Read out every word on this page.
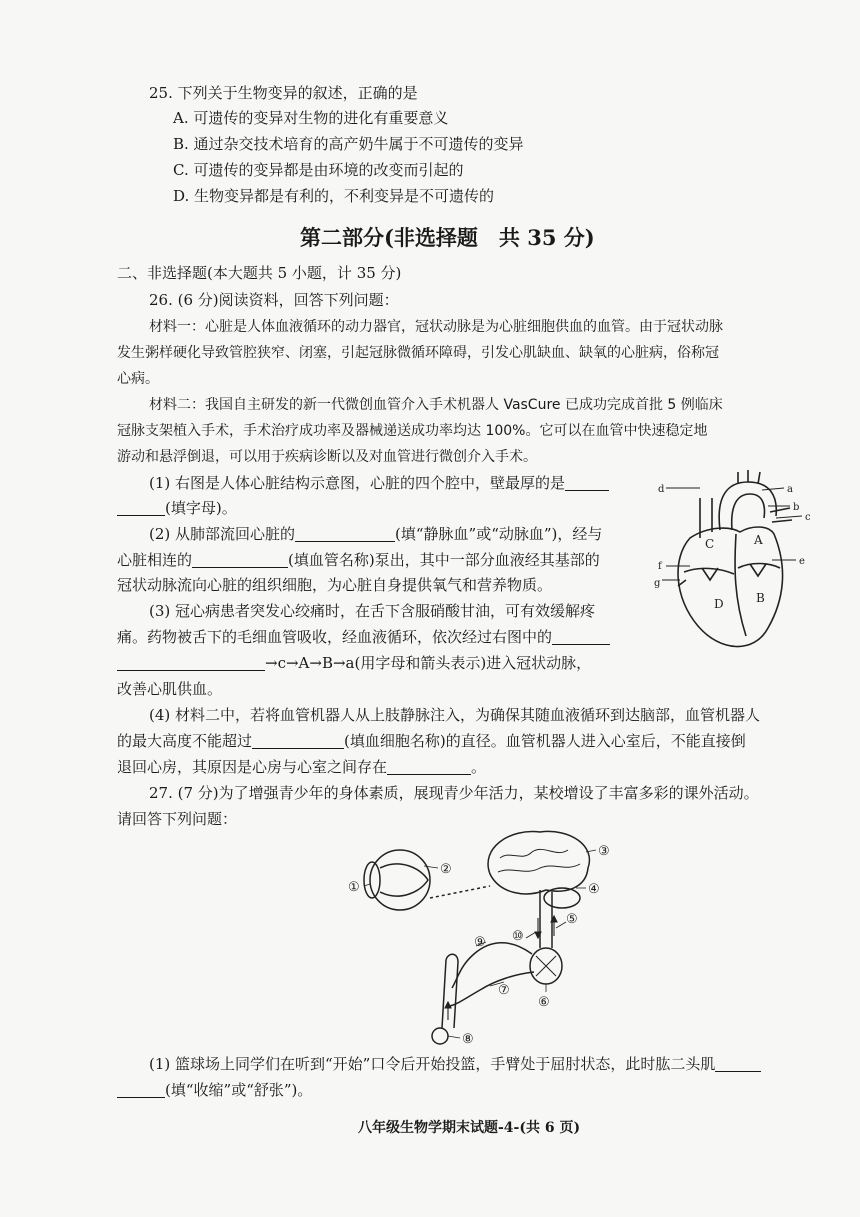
25. 下列关于生物变异的叙述，正确的是
A. 可遗传的变异对生物的进化有重要意义
B. 通过杂交技术培育的高产奶牛属于不可遗传的变异
C. 可遗传的变异都是由环境的改变而引起的
D. 生物变异都是有利的，不利变异是不可遗传的
第二部分(非选择题　共 35 分)
二、非选择题(本大题共 5 小题，计 35 分)
26. (6 分)阅读资料，回答下列问题：
材料一：心脏是人体血液循环的动力器官，冠状动脉是为心脏细胞供血的血管。由于冠状动脉
发生粥样硬化导致管腔狭窄、闭塞，引起冠脉微循环障碍，引发心肌缺血、缺氧的心脏病，俗称冠
心病。
材料二：我国自主研发的新一代微创血管介入手术机器人 VasCure 已成功完成首批 5 例临床
冠脉支架植入手术，手术治疗成功率及器械递送成功率均达 100%。它可以在血管中快速稳定地
游动和悬浮倒退，可以用于疾病诊断以及对血管进行微创介入手术。
(1) 右图是人体心脏结构示意图，心脏的四个腔中，壁最厚的是
(填字母)。
(2) 从肺部流回心脏的	(填“静脉血”或“动脉血”)，经与
心脏相连的	(填血管名称)泵出，其中一部分血液经其基部的
冠状动脉流向心脏的组织细胞，为心脏自身提供氧气和营养物质。
(3) 冠心病患者突发心绞痛时，在舌下含服硝酸甘油，可有效缓解疼
痛。药物被舌下的毛细血管吸收，经血液循环，依次经过右图中的
→c→A→B→a(用字母和箭头表示)进入冠状动脉，
改善心肌供血。
(4) 材料二中，若将血管机器人从上肢静脉注入，为确保其随血液循环到达脑部，血管机器人
的最大高度不能超过	(填血细胞名称)的直径。血管机器人进入心室后，不能直接倒
退回心房，其原因是心房与心室之间存在	。
d	a
b
c
e
f
g
C	A
D	B
27. (7 分)为了增强青少年的身体素质，展现青少年活力，某校增设了丰富多彩的课外活动。
请回答下列问题：
①
②
③
④
⑤
⑥
⑦
⑧
⑨ ⑩
(1) 篮球场上同学们在听到“开始”口令后开始投篮，手臂处于屈肘状态，此时肱二头肌
(填“收缩”或“舒张”)。
八年级生物学期末试题-4-(共 6 页)
